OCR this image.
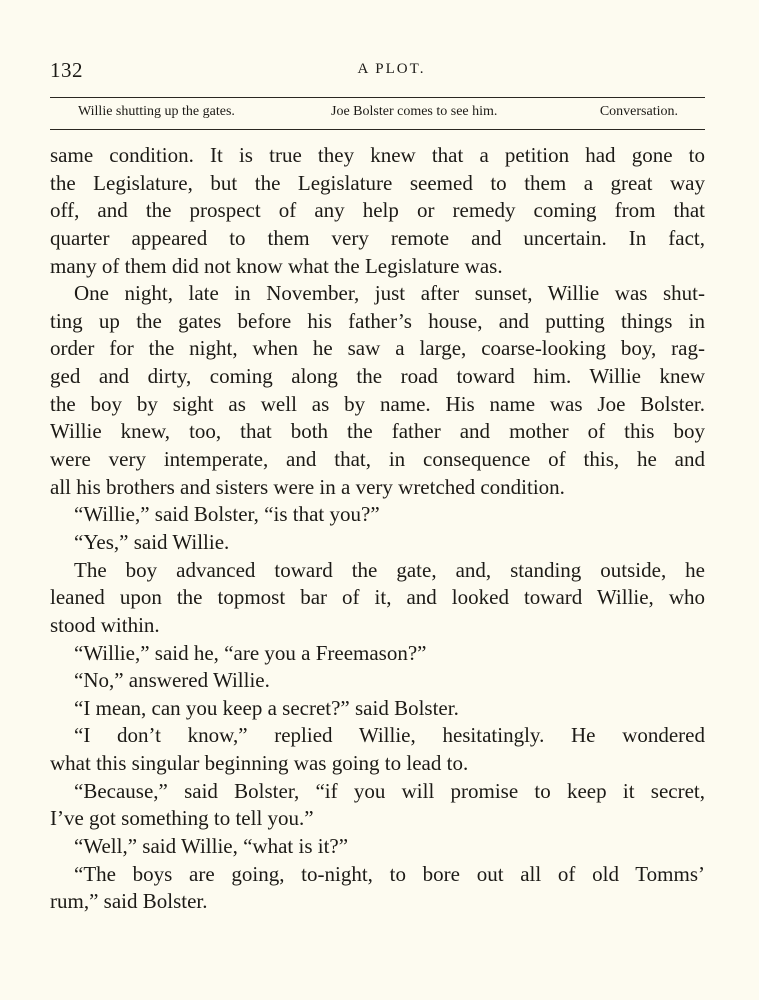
132	A PLOT.
Willie shutting up the gates.	Joe Bolster comes to see him.	Conversation.
same condition. It is true they knew that a petition had gone to
the Legislature, but the Legislature seemed to them a great way
off, and the prospect of any help or remedy coming from that
quarter appeared to them very remote and uncertain. In fact,
many of them did not know what the Legislature was.
One night, late in November, just after sunset, Willie was shut-
ting up the gates before his father’s house, and putting things in
order for the night, when he saw a large, coarse-looking boy, rag-
ged and dirty, coming along the road toward him. Willie knew
the boy by sight as well as by name. His name was Joe Bolster.
Willie knew, too, that both the father and mother of this boy
were very intemperate, and that, in consequence of this, he and
all his brothers and sisters were in a very wretched condition.
“Willie,” said Bolster, “is that you?”
“Yes,” said Willie.
The boy advanced toward the gate, and, standing outside, he
leaned upon the topmost bar of it, and looked toward Willie, who
stood within.
“Willie,” said he, “are you a Freemason?”
“No,” answered Willie.
“I mean, can you keep a secret?” said Bolster.
“I don’t know,” replied Willie, hesitatingly. He wondered
what this singular beginning was going to lead to.
“Because,” said Bolster, “if you will promise to keep it secret,
I’ve got something to tell you.”
“Well,” said Willie, “what is it?”
“The boys are going, to-night, to bore out all of old Tomms’
rum,” said Bolster.
